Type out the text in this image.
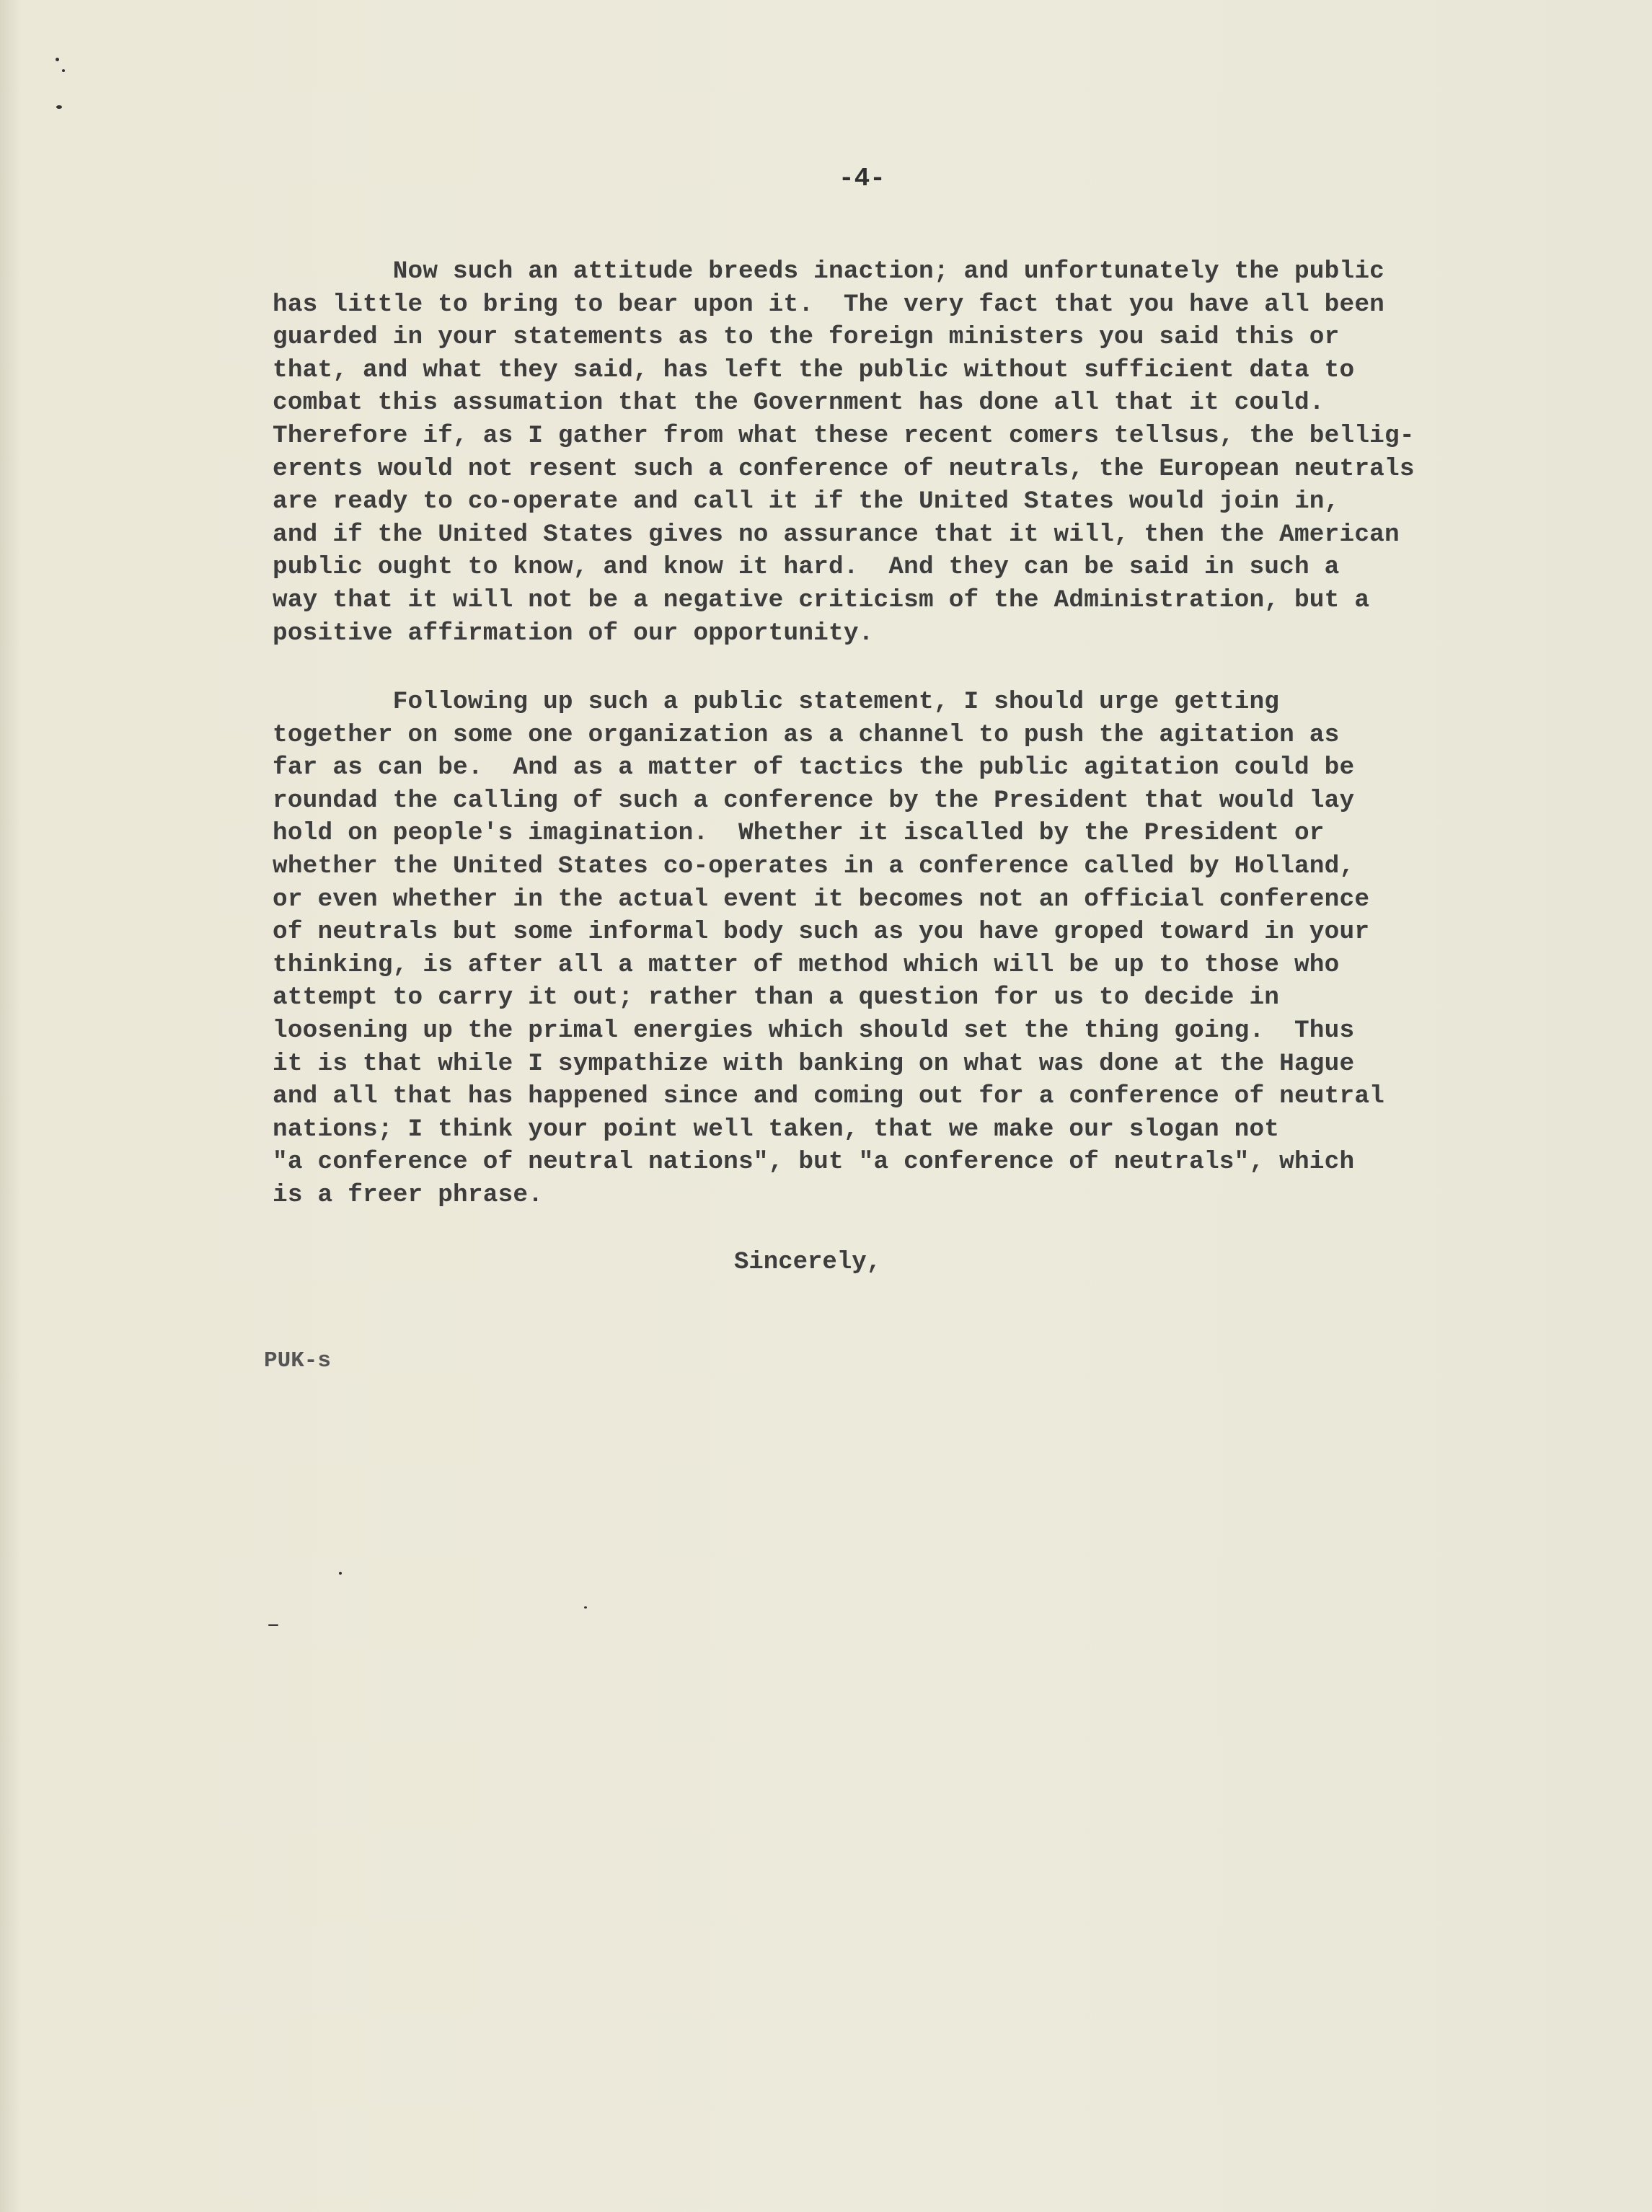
-4-
Now such an attitude breeds inaction; and unfortunately the public
has little to bring to bear upon it.  The very fact that you have all been
guarded in your statements as to the foreign ministers you said this or
that, and what they said, has left the public without sufficient data to
combat this assumation that the Government has done all that it could.
Therefore if, as I gather from what these recent comers tellsus, the bellig-
erents would not resent such a conference of neutrals, the European neutrals
are ready to co-operate and call it if the United States would join in,
and if the United States gives no assurance that it will, then the American
public ought to know, and know it hard.  And they can be said in such a
way that it will not be a negative criticism of the Administration, but a
positive affirmation of our opportunity.
Following up such a public statement, I should urge getting
together on some one organization as a channel to push the agitation as
far as can be.  And as a matter of tactics the public agitation could be
roundad the calling of such a conference by the President that would lay
hold on people's imagination.  Whether it iscalled by the President or
whether the United States co-operates in a conference called by Holland,
or even whether in the actual event it becomes not an official conference
of neutrals but some informal body such as you have groped toward in your
thinking, is after all a matter of method which will be up to those who
attempt to carry it out; rather than a question for us to decide in
loosening up the primal energies which should set the thing going.  Thus
it is that while I sympathize with banking on what was done at the Hague
and all that has happened since and coming out for a conference of neutral
nations; I think your point well taken, that we make our slogan not
"a conference of neutral nations", but "a conference of neutrals", which
is a freer phrase.
Sincerely,
PUK-s
